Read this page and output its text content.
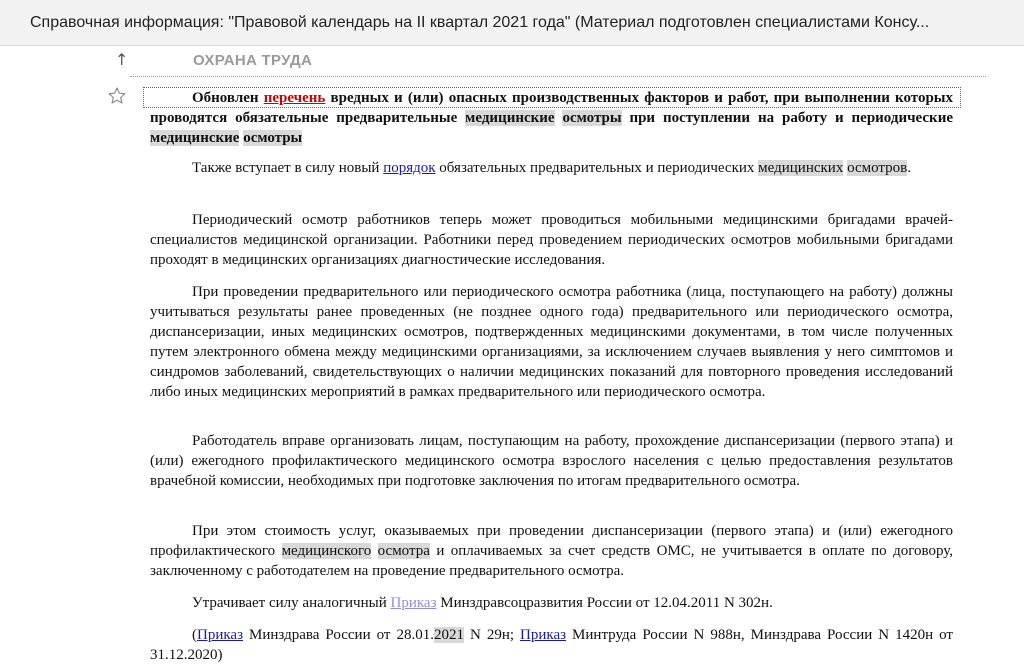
Справочная информация: "Правовой календарь на II квартал 2021 года" (Материал подготовлен специалистами Консу...
↑	ОХРАНА ТРУДА
Обновлен перечень вредных и (или) опасных производственных факторов и работ, при выполнении которых проводятся обязательные предварительные медицинские осмотры при поступлении на работу и периодические медицинские осмотры
Также вступает в силу новый порядок обязательных предварительных и периодических медицинских осмотров.
Периодический осмотр работников теперь может проводиться мобильными медицинскими бригадами врачей-специалистов медицинской организации. Работники перед проведением периодических осмотров мобильными бригадами проходят в медицинских организациях диагностические исследования.
При проведении предварительного или периодического осмотра работника (лица, поступающего на работу) должны учитываться результаты ранее проведенных (не позднее одного года) предварительного или периодического осмотра, диспансеризации, иных медицинских осмотров, подтвержденных медицинскими документами, в том числе полученных путем электронного обмена между медицинскими организациями, за исключением случаев выявления у него симптомов и синдромов заболеваний, свидетельствующих о наличии медицинских показаний для повторного проведения исследований либо иных медицинских мероприятий в рамках предварительного или периодического осмотра.
Работодатель вправе организовать лицам, поступающим на работу, прохождение диспансеризации (первого этапа) и (или) ежегодного профилактического медицинского осмотра взрослого населения с целью предоставления результатов врачебной комиссии, необходимых при подготовке заключения по итогам предварительного осмотра.
При этом стоимость услуг, оказываемых при проведении диспансеризации (первого этапа) и (или) ежегодного профилактического медицинского осмотра и оплачиваемых за счет средств ОМС, не учитывается в оплате по договору, заключенному с работодателем на проведение предварительного осмотра.
Утрачивает силу аналогичный Приказ Минздравсоцразвития России от 12.04.2011 N 302н.
(Приказ Минздрава России от 28.01.2021 N 29н; Приказ Минтруда России N 988н, Минздрава России N 1420н от 31.12.2020)
